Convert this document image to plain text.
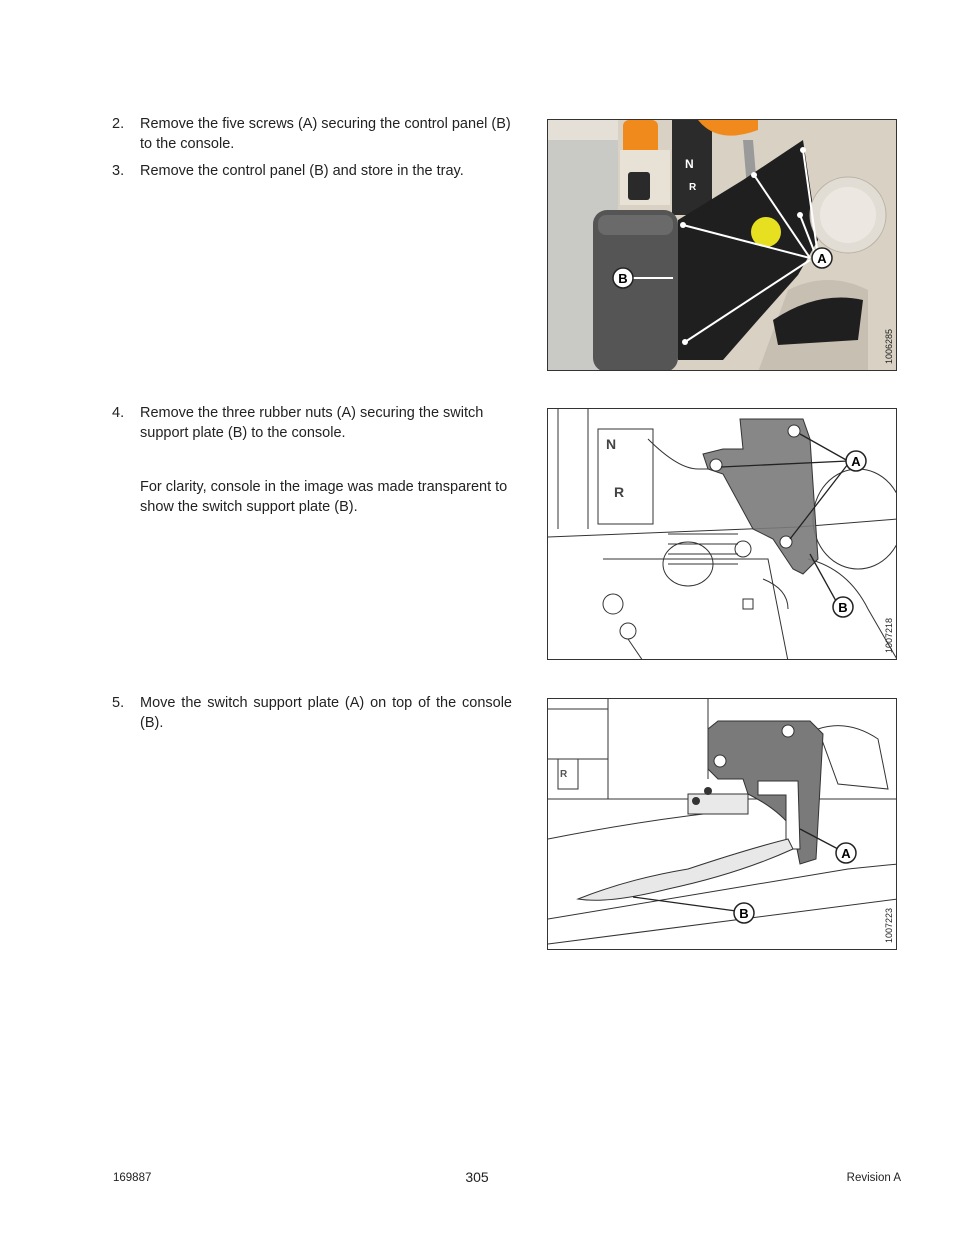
2. Remove the five screws (A) securing the control panel (B) to the console.
3. Remove the control panel (B) and store in the tray.	N
R
A
B
1006285
4. Remove the three rubber nuts (A) securing the switch support plate (B) to the console.
For clarity, console in the image was made transparent to show the switch support plate (B).
N
R
A
B
1007218
5. Move the switch support plate (A) on top of the console (B).
R
A
B	1007223
169887	305	Revision A
